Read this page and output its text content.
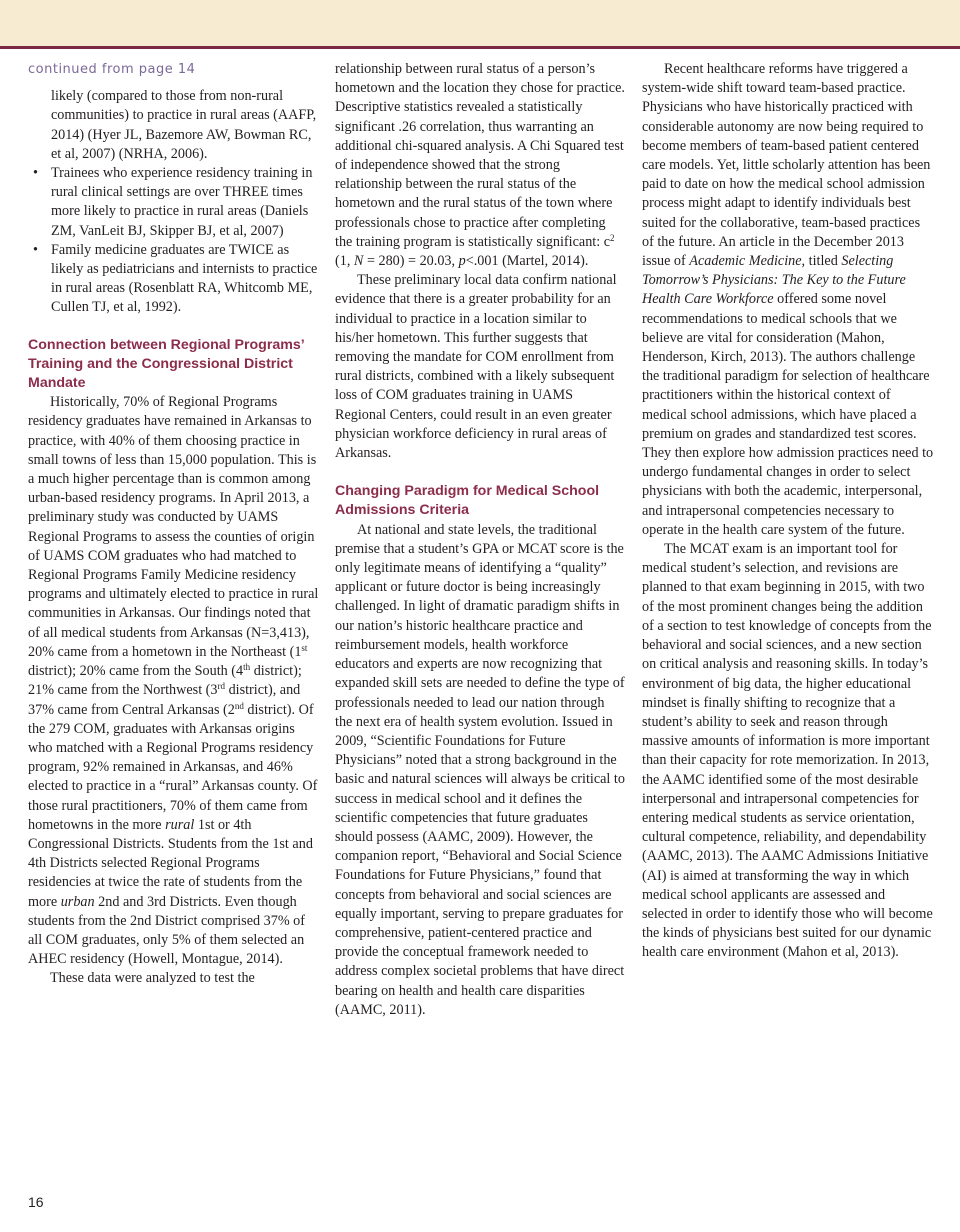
continued from page 14

likely (compared to those from non-rural communities) to practice in rural areas (AAFP, 2014) (Hyer JL, Bazemore AW, Bowman RC, et al, 2007) (NRHA, 2006).

• Trainees who experience residency training in rural clinical settings are over THREE times more likely to practice in rural areas (Daniels ZM, VanLeit BJ, Skipper BJ, et al, 2007)
• Family medicine graduates are TWICE as likely as pediatricians and internists to practice in rural areas (Rosenblatt RA, Whitcomb ME, Cullen TJ, et al, 1992).
Connection between Regional Programs’ Training and the Congressional District Mandate

Historically, 70% of Regional Programs residency graduates have remained in Arkansas to practice, with 40% of them choosing practice in small towns of less than 15,000 population. This is a much higher percentage than is common among urban-based residency programs. In April 2013, a preliminary study was conducted by UAMS Regional Programs to assess the counties of origin of UAMS COM graduates who had matched to Regional Programs Family Medicine residency programs and ultimately elected to practice in rural communities in Arkansas. Our findings noted that of all medical students from Arkansas (N=3,413), 20% came from a hometown in the Northeast (1st district); 20% came from the South (4th district); 21% came from the Northwest (3rd district), and 37% came from Central Arkansas (2nd district). Of the 279 COM, graduates with Arkansas origins who matched with a Regional Programs residency program, 92% remained in Arkansas, and 46% elected to practice in a “rural” Arkansas county. Of those rural practitioners, 70% of them came from hometowns in the more rural 1st or 4th Congressional Districts. Students from the 1st and 4th Districts selected Regional Programs residencies at twice the rate of students from the more urban 2nd and 3rd Districts. Even though students from the 2nd District comprised 37% of all COM graduates, only 5% of them selected an AHEC residency (Howell, Montague, 2014).

These data were analyzed to test the

relationship between rural status of a person’s hometown and the location they chose for practice. Descriptive statistics revealed a statistically significant .26 correlation, thus warranting an additional chi-squared analysis. A Chi Squared test of independence showed that the strong relationship between the rural status of the hometown and the rural status of the town where professionals chose to practice after completing the training program is statistically significant: $c^2$ (1, N = 280) = 20.03, p<.001 (Martel, 2014).

These preliminary local data confirm national evidence that there is a greater probability for an individual to practice in a location similar to his/her hometown. This further suggests that removing the mandate for COM enrollment from rural districts, combined with a likely subsequent loss of COM graduates training in UAMS Regional Centers, could result in an even greater physician workforce deficiency in rural areas of Arkansas.

Changing Paradigm for Medical School Admissions Criteria

At national and state levels, the traditional premise that a student’s GPA or MCAT score is the only legitimate means of identifying a “quality” applicant or future doctor is being increasingly challenged. In light of dramatic paradigm shifts in our nation’s historic healthcare practice and reimbursement models, health workforce educators and experts are now recognizing that expanded skill sets are needed to define the type of professionals needed to lead our nation through the next era of health system evolution. Issued in 2009, “Scientific Foundations for Future Physicians” noted that a strong background in the basic and natural sciences will always be critical to success in medical school and it defines the scientific competencies that future graduates should possess (AAMC, 2009). However, the companion report, “Behavioral and Social Science Foundations for Future Physicians,” found that concepts from behavioral and social sciences are equally important, serving to prepare graduates for comprehensive, patient-centered practice and provide the conceptual framework needed to address complex societal problems that have direct bearing on health and health care disparities (AAMC, 2011).

Recent healthcare reforms have triggered a system-wide shift toward team-based practice. Physicians who have historically practiced with considerable autonomy are now being required to become members of team-based patient centered care models. Yet, little scholarly attention has been paid to date on how the medical school admission process might adapt to identify individuals best suited for the collaborative, team-based practices of the future. An article in the December 2013 issue of Academic Medicine, titled Selecting Tomorrow’s Physicians: The Key to the Future Health Care Workforce offered some novel recommendations to medical schools that we believe are vital for consideration (Mahon, Henderson, Kirch, 2013). The authors challenge the traditional paradigm for selection of healthcare practitioners within the historical context of medical school admissions, which have placed a premium on grades and standardized test scores. They then explore how admission practices need to undergo fundamental changes in order to select physicians with both the academic, interpersonal, and intrapersonal competencies necessary to operate in the health care system of the future.

The MCAT exam is an important tool for medical student’s selection, and revisions are planned to that exam beginning in 2015, with two of the most prominent changes being the addition of a section to test knowledge of concepts from the behavioral and social sciences, and a new section on critical analysis and reasoning skills. In today’s environment of big data, the higher educational mindset is finally shifting to recognize that a student’s ability to seek and reason through massive amounts of information is more important than their capacity for rote memorization. In 2013, the AAMC identified some of the most desirable interpersonal and intrapersonal competencies for entering medical students as service orientation, cultural competence, reliability, and dependability (AAMC, 2013). The AAMC Admissions Initiative (AI) is aimed at transforming the way in which medical school applicants are assessed and selected in order to identify those who will become the kinds of physicians best suited for our dynamic health care environment (Mahon et al, 2013).

16
